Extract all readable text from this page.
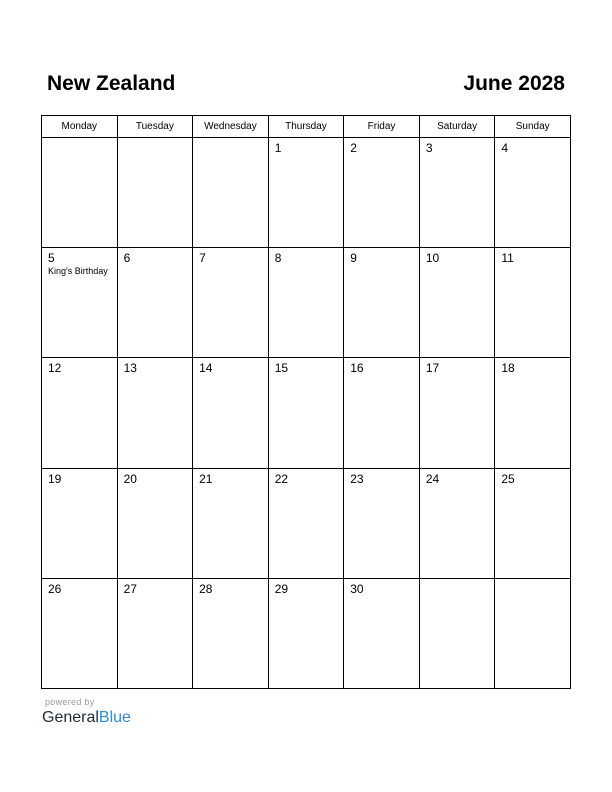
New Zealand	June 2028
Monday	Tuesday	Wednesday	Thursday	Friday	Saturday	Sunday

			1	2	3	4

5
King's Birthday	6	7	8	9	10	11

12	13	14	15	16	17	18

19	20	21	22	23	24	25

26	27	28	29	30		

powered by
GeneralBlue
